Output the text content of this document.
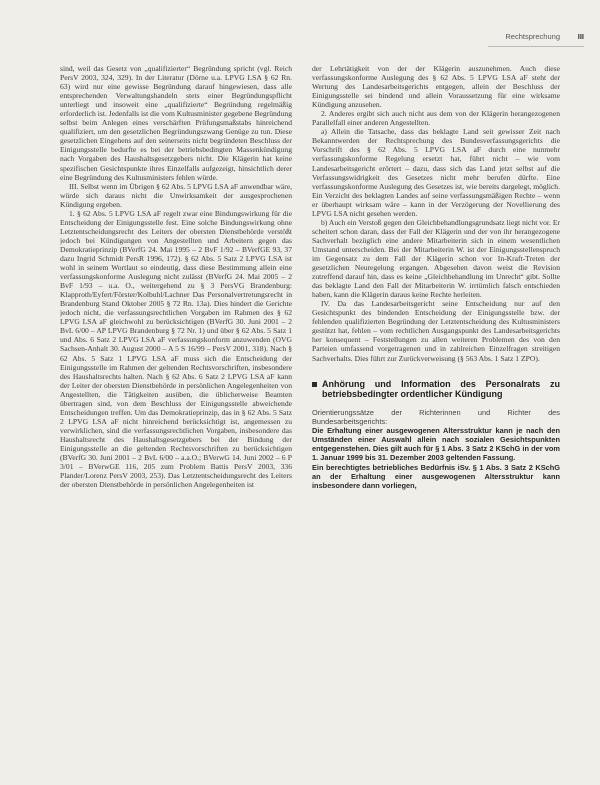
Rechtsprechung	III

sind, weil das Gesetz von „qualifizierter“ Begründung spricht (vgl. Reich PersV 2003, 324, 329). In der Literatur (Dörne u.a. LPVG LSA § 62 Rn. 63) wird nur eine gewisse Begründung darauf hingewiesen, dass alle entsprechenden Verwaltungshandeln stets einer Begründungspflicht unterliegt und insoweit eine „qualifizierte“ Begründung regelmäßig erforderlich ist. Jedenfalls ist die vom Kultusminister gegebene Begründung selbst beim Anlegen eines verschärften Prüfungsmaßstabs hinreichend qualifiziert, um den gesetzlichen Begründungszwang Genüge zu tun. Diese gesetzlichen Eingehens auf den seinerseits nicht begründeten Beschluss der Einigungsstelle bedurfte es bei der betriebsbedingten Massenkündigung nach Vorgaben des Haushaltsgesetzgebers nicht. Die Klägerin hat keine spezifischen Gesichtspunkte ihres Einzelfalls aufgezeigt, hinsichtlich derer eine Begründung des Kultusministers fehlen würde.

III. Selbst wenn im Übrigen § 62 Abs. 5 LPVG LSA aF anwendbar wäre, würde sich daraus nicht die Unwirksamkeit der ausgesprochenen Kündigung ergeben.

1. § 62 Abs. 5 LPVG LSA aF regelt zwar eine Bindungswirkung für die Entscheidung der Einigungsstelle fest. Eine solche Bindungswirkung ohne Letztentscheidungsrecht des Leiters der obersten Dienstbehörde verstößt jedoch bei Kündigungen von Angestellten und Arbeitern gegen das Demokratieprinzip (BVerfG 24. Mai 1995 – 2 BvF 1/92 – BVerfGE 93, 37 dazu Ingrid Schmidt PersR 1996, 172). § 62 Abs. 5 Satz 2 LPVG LSA ist wohl in seinem Wortlaut so eindeutig, dass diese Bestimmung allein eine verfassungskonforme Auslegung nicht zulässt (BVerfG 24. Mai 2005 – 2 BvF 1/93 – u.a. O., weitergehend zu § 3 PersVG Brandenburg: Klapproth/Eyfert/Förster/Kolbuhl/Lachner Das Personalvertretungsrecht in Brandenburg Stand Oktober 2005 § 72 Rn. 13a). Dies hindert die Gerichte jedoch nicht, die verfassungsrechtlichen Vorgaben im Rahmen des § 62 LPVG LSA aF gleichwohl zu berücksichtigen (BVerfG 30. Juni 2001 – 2 BvL 6/00 – AP LPVG Brandenburg § 72 Nr. 1) und über § 62 Abs. 5 Satz 1 und Abs. 6 Satz 2 LPVG LSA aF verfassungskonform anzuwenden (OVG Sachsen-Anhalt 30. August 2000 – A 5 S 16/99 – PersV 2001, 318). Nach § 62 Abs. 5 Satz 1 LPVG LSA aF muss sich die Entscheidung der Einigungsstelle im Rahmen der geltenden Rechtsvorschriften, insbesondere des Haushaltsrechts halten. Nach § 62 Abs. 6 Satz 2 LPVG LSA aF kann der Leiter der obersten Dienstbehörde in persönlichen Angelegenheiten von Angestellten, die Tätigkeiten ausüben, die üblicherweise Beamten übertragen sind, von dem Beschluss der Einigungsstelle abweichende Entscheidungen treffen. Um das Demokratieprinzip, das in § 62 Abs. 5 Satz 2 LPVG LSA aF nicht hinreichend berücksichtigt ist, angemessen zu verwirklichen, sind die verfassungsrechtlichen Vorgaben, insbesondere das Haushaltsrecht des Haushaltsgesetzgebers bei der Bindung der Einigungsstelle an die geltenden Rechtsvorschriften zu berücksichtigen (BVerfG 30. Juni 2001 – 2 BvL 6/00 – a.a.O.; BVerwG 14. Juni 2002 – 6 P 3/01 – BVerwGE 116, 205 zum Problem Battis PersV 2003, 336 Plander/Lorenz PersV 2003, 253). Das Letztentscheidungsrecht des Leiters der obersten Dienstbehörde in persönlichen Angelegenheiten ist

der Lehrtätigkeit von der der Klägerin auszunehmen. Auch diese verfassungskonforme Auslegung des § 62 Abs. 5 LPVG LSA aF steht der Wertung des Landesarbeitsgerichts entgegen, allein der Beschluss der Einigungsstelle sei bindend und allein Voraussetzung für eine wirksame Kündigung anzusehen.

2. Anderes ergibt sich auch nicht aus dem von der Klägerin herangezogenen Parallelfall einer anderen Angestellten.

a) Allein die Tatsache, dass das beklagte Land seit gewisser Zeit nach Bekanntwerden der Rechtsprechung des Bundesverfassungsgerichts die Vorschrift des § 62 Abs. 5 LPVG LSA aF durch eine nunmehr verfassungskonforme Regelung ersetzt hat, führt nicht – wie vom Landesarbeitsgericht erörtert – dazu, dass sich das Land jetzt selbst auf die Verfassungswidrigkeit des Gesetzes nicht mehr berufen dürfte. Eine verfassungskonforme Auslegung des Gesetzes ist, wie bereits dargelegt, möglich. Ein Verzicht des beklagten Landes auf seine verfassungsmäßigen Rechte – wenn er überhaupt wirksam wäre – kann in der Verzögerung der Novellierung des LPVG LSA nicht gesehen werden.

b) Auch ein Verstoß gegen den Gleichbehandlungsgrundsatz liegt nicht vor. Er scheitert schon daran, dass der Fall der Klägerin und der von ihr herangezogene Sachverhalt bezüglich eine andere Mitarbeiterin sich in einem wesentlichen Umstand unterscheiden. Bei der Mitarbeiterin W. ist der Einigungsstellenspruch im Gegensatz zu dem Fall der Klägerin schon vor In-Kraft-Treten der gesetzlichen Neuregelung ergangen. Abgesehen davon weist die Revision zutreffend darauf hin, dass es keine „Gleichbehandlung im Unrecht“ gibt. Sollte das beklagte Land den Fall der Mitarbeiterin W. irrtümlich falsch entschieden haben, kann die Klägerin daraus keine Rechte herleiten.

IV. Da das Landesarbeitsgericht seine Entscheidung nur auf den Gesichtspunkt des bindenden Entscheidung der Einigungsstelle bzw. der fehlenden qualifizierten Begründung der Letztentscheidung des Kultusministers gestützt hat, fehlen – vom rechtlichen Ausgangspunkt des Landesarbeitsgerichts her konsequent – Feststellungen zu allen weiteren Problemen des von den Parteien umfassend vorgetragenen und in zahlreichen Einzelfragen streitigen Sachverhalts. Dies führt zur Zurückverweisung (§ 563 Abs. 1 Satz 1 ZPO).

Anhörung und Information des Personalrats zu betriebsbedingter ordentlicher Kündigung

Orientierungssätze der Richterinnen und Richter des Bundesarbeitsgerichts:

Die Erhaltung einer ausgewogenen Altersstruktur kann je nach den Umständen einer Auswahl allein nach sozialen Gesichtspunkten entgegenstehen. Dies gilt auch für § 1 Abs. 3 Satz 2 KSchG in der vom 1. Januar 1999 bis 31. Dezember 2003 geltenden Fassung.

Ein berechtigtes betriebliches Bedürfnis iSv. § 1 Abs. 3 Satz 2 KSchG an der Erhaltung einer ausgewogenen Altersstruktur kann insbesondere dann vorliegen,
